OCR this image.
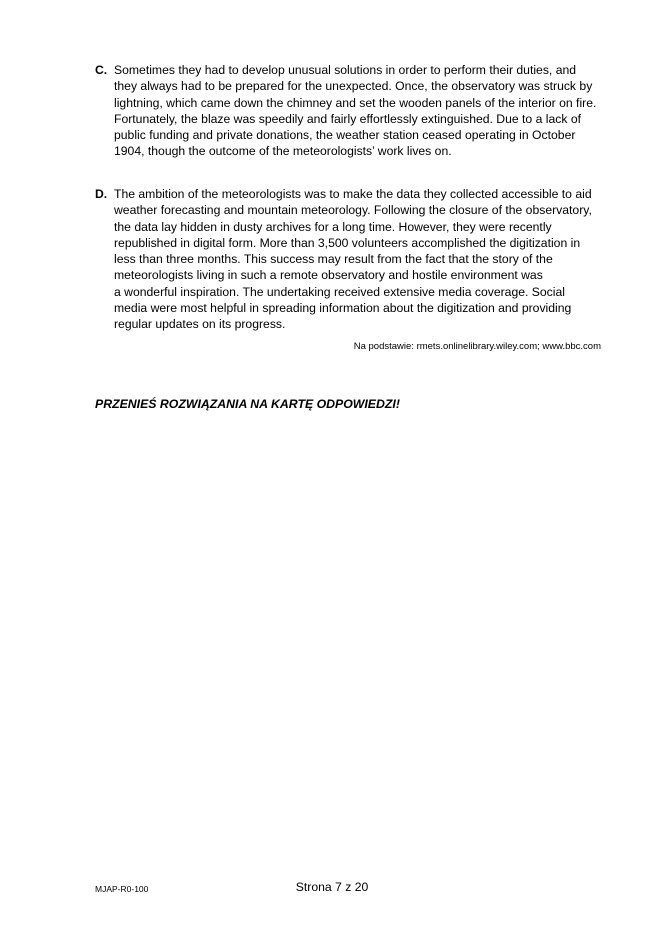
C. Sometimes they had to develop unusual solutions in order to perform their duties, and
they always had to be prepared for the unexpected. Once, the observatory was struck by
lightning, which came down the chimney and set the wooden panels of the interior on fire.
Fortunately, the blaze was speedily and fairly effortlessly extinguished. Due to a lack of
public funding and private donations, the weather station ceased operating in October
1904, though the outcome of the meteorologists’ work lives on.
D. The ambition of the meteorologists was to make the data they collected accessible to aid
weather forecasting and mountain meteorology. Following the closure of the observatory,
the data lay hidden in dusty archives for a long time. However, they were recently
republished in digital form. More than 3,500 volunteers accomplished the digitization in
less than three months. This success may result from the fact that the story of the
meteorologists living in such a remote observatory and hostile environment was
a wonderful inspiration. The undertaking received extensive media coverage. Social
media were most helpful in spreading information about the digitization and providing
regular updates on its progress.
Na podstawie: rmets.onlinelibrary.wiley.com; www.bbc.com
PRZENIEŚ ROZWIĄZANIA NA KARTĘ ODPOWIEDZI!
MJAP-R0-100	Strona 7 z 20
